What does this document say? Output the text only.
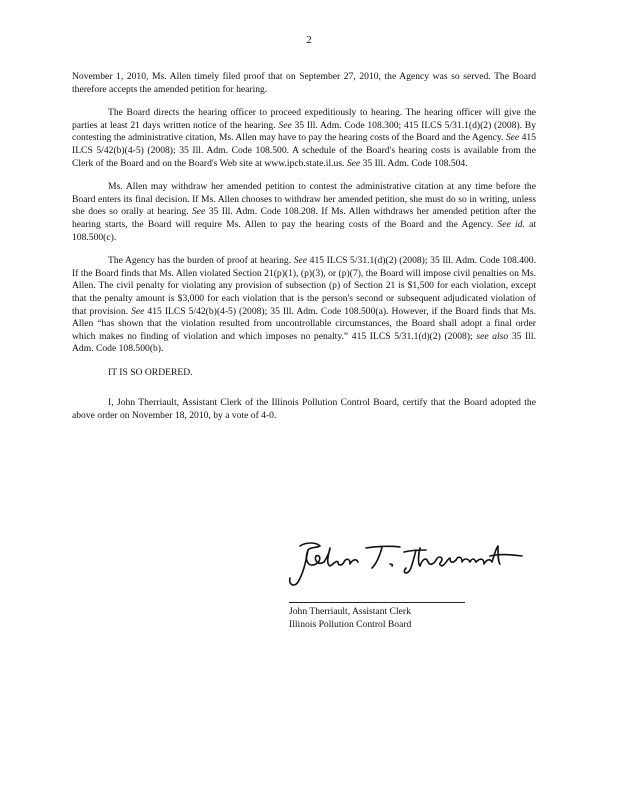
2

November 1, 2010, Ms. Allen timely filed proof that on September 27, 2010, the Agency was so served. The Board therefore accepts the amended petition for hearing.

The Board directs the hearing officer to proceed expeditiously to hearing. The hearing officer will give the parties at least 21 days written notice of the hearing. See 35 Ill. Adm. Code 108.300; 415 ILCS 5/31.1(d)(2) (2008). By contesting the administrative citation, Ms. Allen may have to pay the hearing costs of the Board and the Agency. See 415 ILCS 5/42(b)(4-5) (2008); 35 Ill. Adm. Code 108.500. A schedule of the Board's hearing costs is available from the Clerk of the Board and on the Board's Web site at www.ipcb.state.il.us. See 35 Ill. Adm. Code 108.504.

Ms. Allen may withdraw her amended petition to contest the administrative citation at any time before the Board enters its final decision. If Ms. Allen chooses to withdraw her amended petition, she must do so in writing, unless she does so orally at hearing. See 35 Ill. Adm. Code 108.208. If Ms. Allen withdraws her amended petition after the hearing starts, the Board will require Ms. Allen to pay the hearing costs of the Board and the Agency. See id. at 108.500(c).

The Agency has the burden of proof at hearing. See 415 ILCS 5/31.1(d)(2) (2008); 35 Ill. Adm. Code 108.400. If the Board finds that Ms. Allen violated Section 21(p)(1), (p)(3), or (p)(7), the Board will impose civil penalties on Ms. Allen. The civil penalty for violating any provision of subsection (p) of Section 21 is $1,500 for each violation, except that the penalty amount is $3,000 for each violation that is the person's second or subsequent adjudicated violation of that provision. See 415 ILCS 5/42(b)(4-5) (2008); 35 Ill. Adm. Code 108.500(a). However, if the Board finds that Ms. Allen “has shown that the violation resulted from uncontrollable circumstances, the Board shall adopt a final order which makes no finding of violation and which imposes no penalty.” 415 ILCS 5/31.1(d)(2) (2008); see also 35 Ill. Adm. Code 108.500(b).

IT IS SO ORDERED.

I, John Therriault, Assistant Clerk of the Illinois Pollution Control Board, certify that the Board adopted the above order on November 18, 2010, by a vote of 4-0.

John Therriault, Assistant Clerk
Illinois Pollution Control Board
